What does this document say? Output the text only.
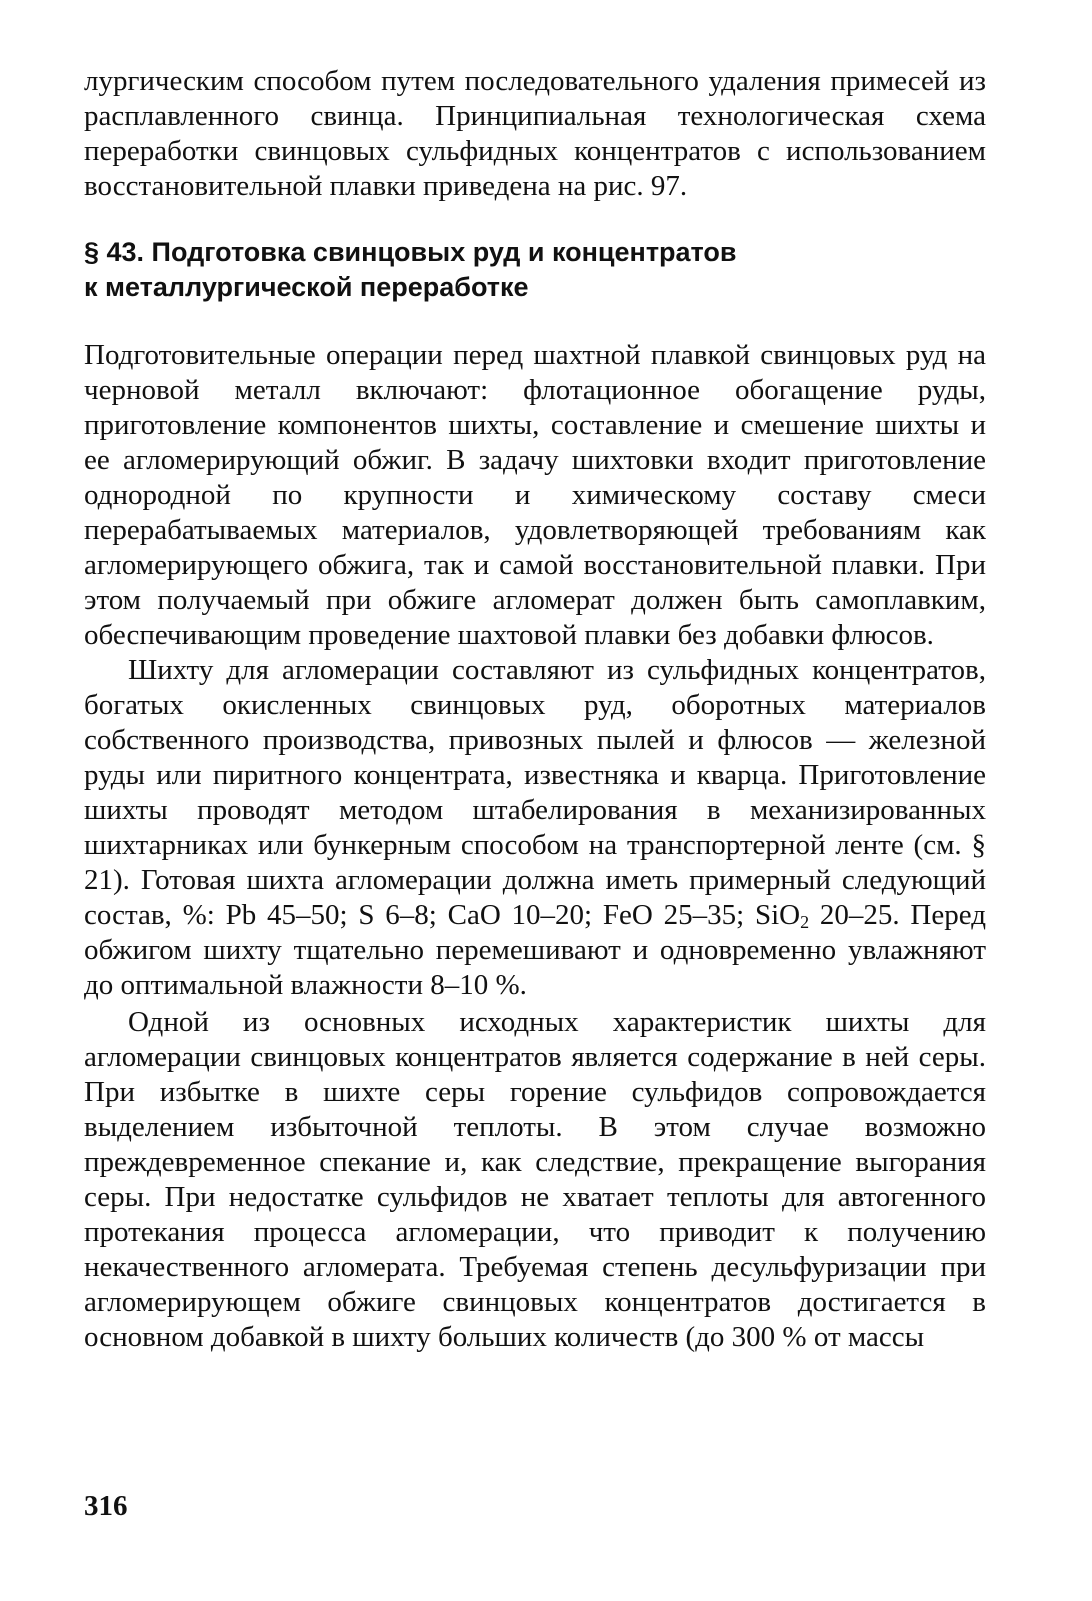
лургическим способом путем последовательного удаления примесей из расплавленного свинца. Принципиальная технологическая схема переработки свинцовых сульфидных концентратов с использованием восстановительной плавки приведена на рис. 97.

§ 43. Подготовка свинцовых руд и концентратов
к металлургической переработке

Подготовительные операции перед шахтной плавкой свинцовых руд на черновой металл включают: флотационное обогащение руды, приготовление компонентов шихты, составление и смешение шихты и ее агломерирующий обжиг. В задачу шихтовки входит приготовление однородной по крупности и химическому составу смеси перерабатываемых материалов, удовлетворяющей требованиям как агломерирующего обжига, так и самой восстановительной плавки. При этом получаемый при обжиге агломерат должен быть самоплавким, обеспечивающим проведение шахтовой плавки без добавки флюсов.

Шихту для агломерации составляют из сульфидных концентратов, богатых окисленных свинцовых руд, оборотных материалов собственного производства, привозных пылей и флюсов — железной руды или пиритного концентрата, известняка и кварца. Приготовление шихты проводят методом штабелирования в механизированных шихтарниках или бункерным способом на транспортерной ленте (см. § 21). Готовая шихта агломерации должна иметь примерный следующий состав, %: Pb 45–50; S 6–8; CaO 10–20; FeO 25–35; SiO$_2$ 20–25. Перед обжигом шихту тщательно перемешивают и одновременно увлажняют до оптимальной влажности 8–10 %.

Одной из основных исходных характеристик шихты для агломерации свинцовых концентратов является содержание в ней серы. При избытке в шихте серы горение сульфидов сопровождается выделением избыточной теплоты. В этом случае возможно преждевременное спекание и, как следствие, прекращение выгорания серы. При недостатке сульфидов не хватает теплоты для автогенного протекания процесса агломерации, что приводит к получению некачественного агломерата. Требуемая степень десульфуризации при агломерирующем обжиге свинцовых концентратов достигается в основном добавкой в шихту больших количеств (до 300 % от массы

316
